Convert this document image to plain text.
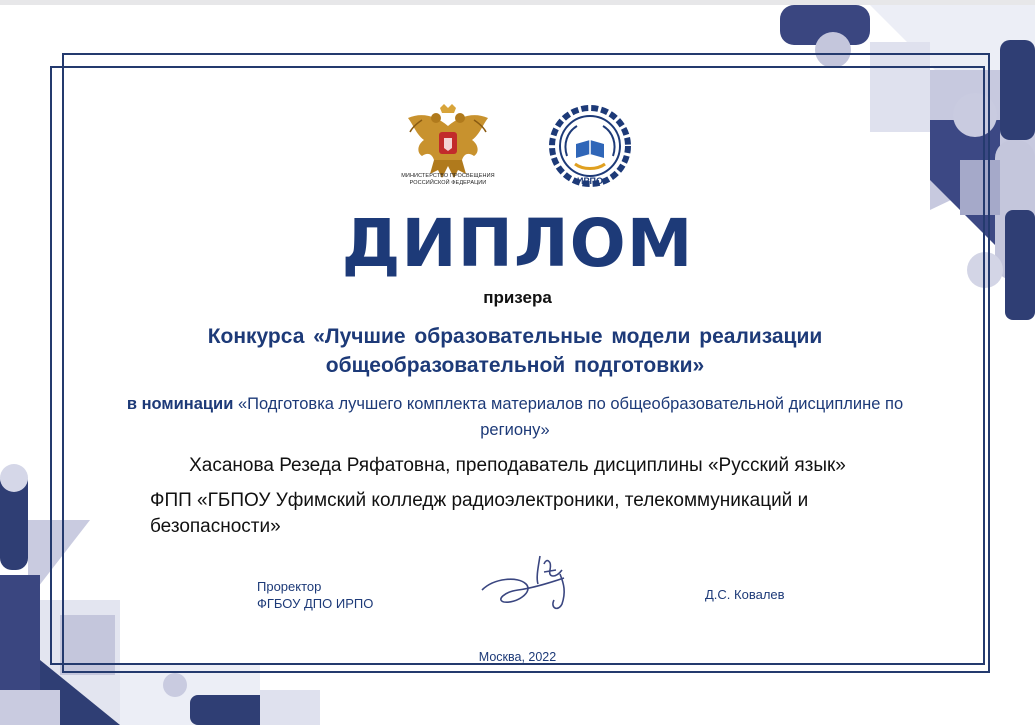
МИНИСТЕРСТВО ПРОСВЕЩЕНИЯ
РОССИЙСКОЙ ФЕДЕРАЦИИ	ИРПО
ДИПЛОМ
призера
Конкурса «Лучшие образовательные модели реализации
общеобразовательной подготовки»
в номинации «Подготовка лучшего комплекта материалов по общеобразовательной дисциплине по региону»
Хасанова Резеда Ряфатовна, преподаватель дисциплины «Русский язык»
ФПП «ГБПОУ Уфимский колледж радиоэлектроники, телекоммуникаций и безопасности»
Проректор
ФГБОУ ДПО ИРПО
Д.С. Ковалев
Москва, 2022
